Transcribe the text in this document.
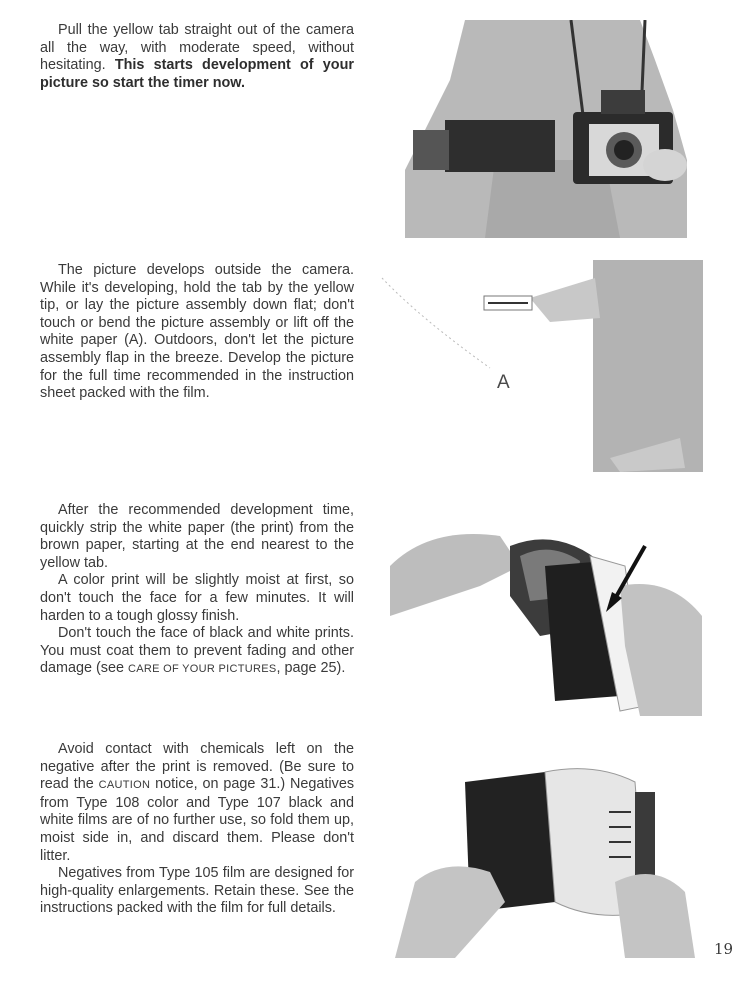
Pull the yellow tab straight out of the camera all the way, with moderate speed, without hesitating. This starts development of your picture so start the timer now.

The picture develops outside the camera. While it's developing, hold the tab by the yellow tip, or lay the picture assembly down flat; don't touch or bend the picture assembly or lift off the white paper (A). Outdoors, don't let the picture assembly flap in the breeze. Develop the picture for the full time recommended in the instruction sheet packed with the film.

A

After the recommended development time, quickly strip the white paper (the print) from the brown paper, starting at the end nearest to the yellow tab.

A color print will be slightly moist at first, so don't touch the face for a few minutes. It will harden to a tough glossy finish.

Don't touch the face of black and white prints. You must coat them to prevent fading and other damage (see CARE OF YOUR PICTURES, page 25).

Avoid contact with chemicals left on the negative after the print is removed. (Be sure to read the CAUTION notice, on page 31.) Negatives from Type 108 color and Type 107 black and white films are of no further use, so fold them up, moist side in, and discard them. Please don't litter.

Negatives from Type 105 film are designed for high-quality enlargements. Retain these. See the instructions packed with the film for full details.

19
